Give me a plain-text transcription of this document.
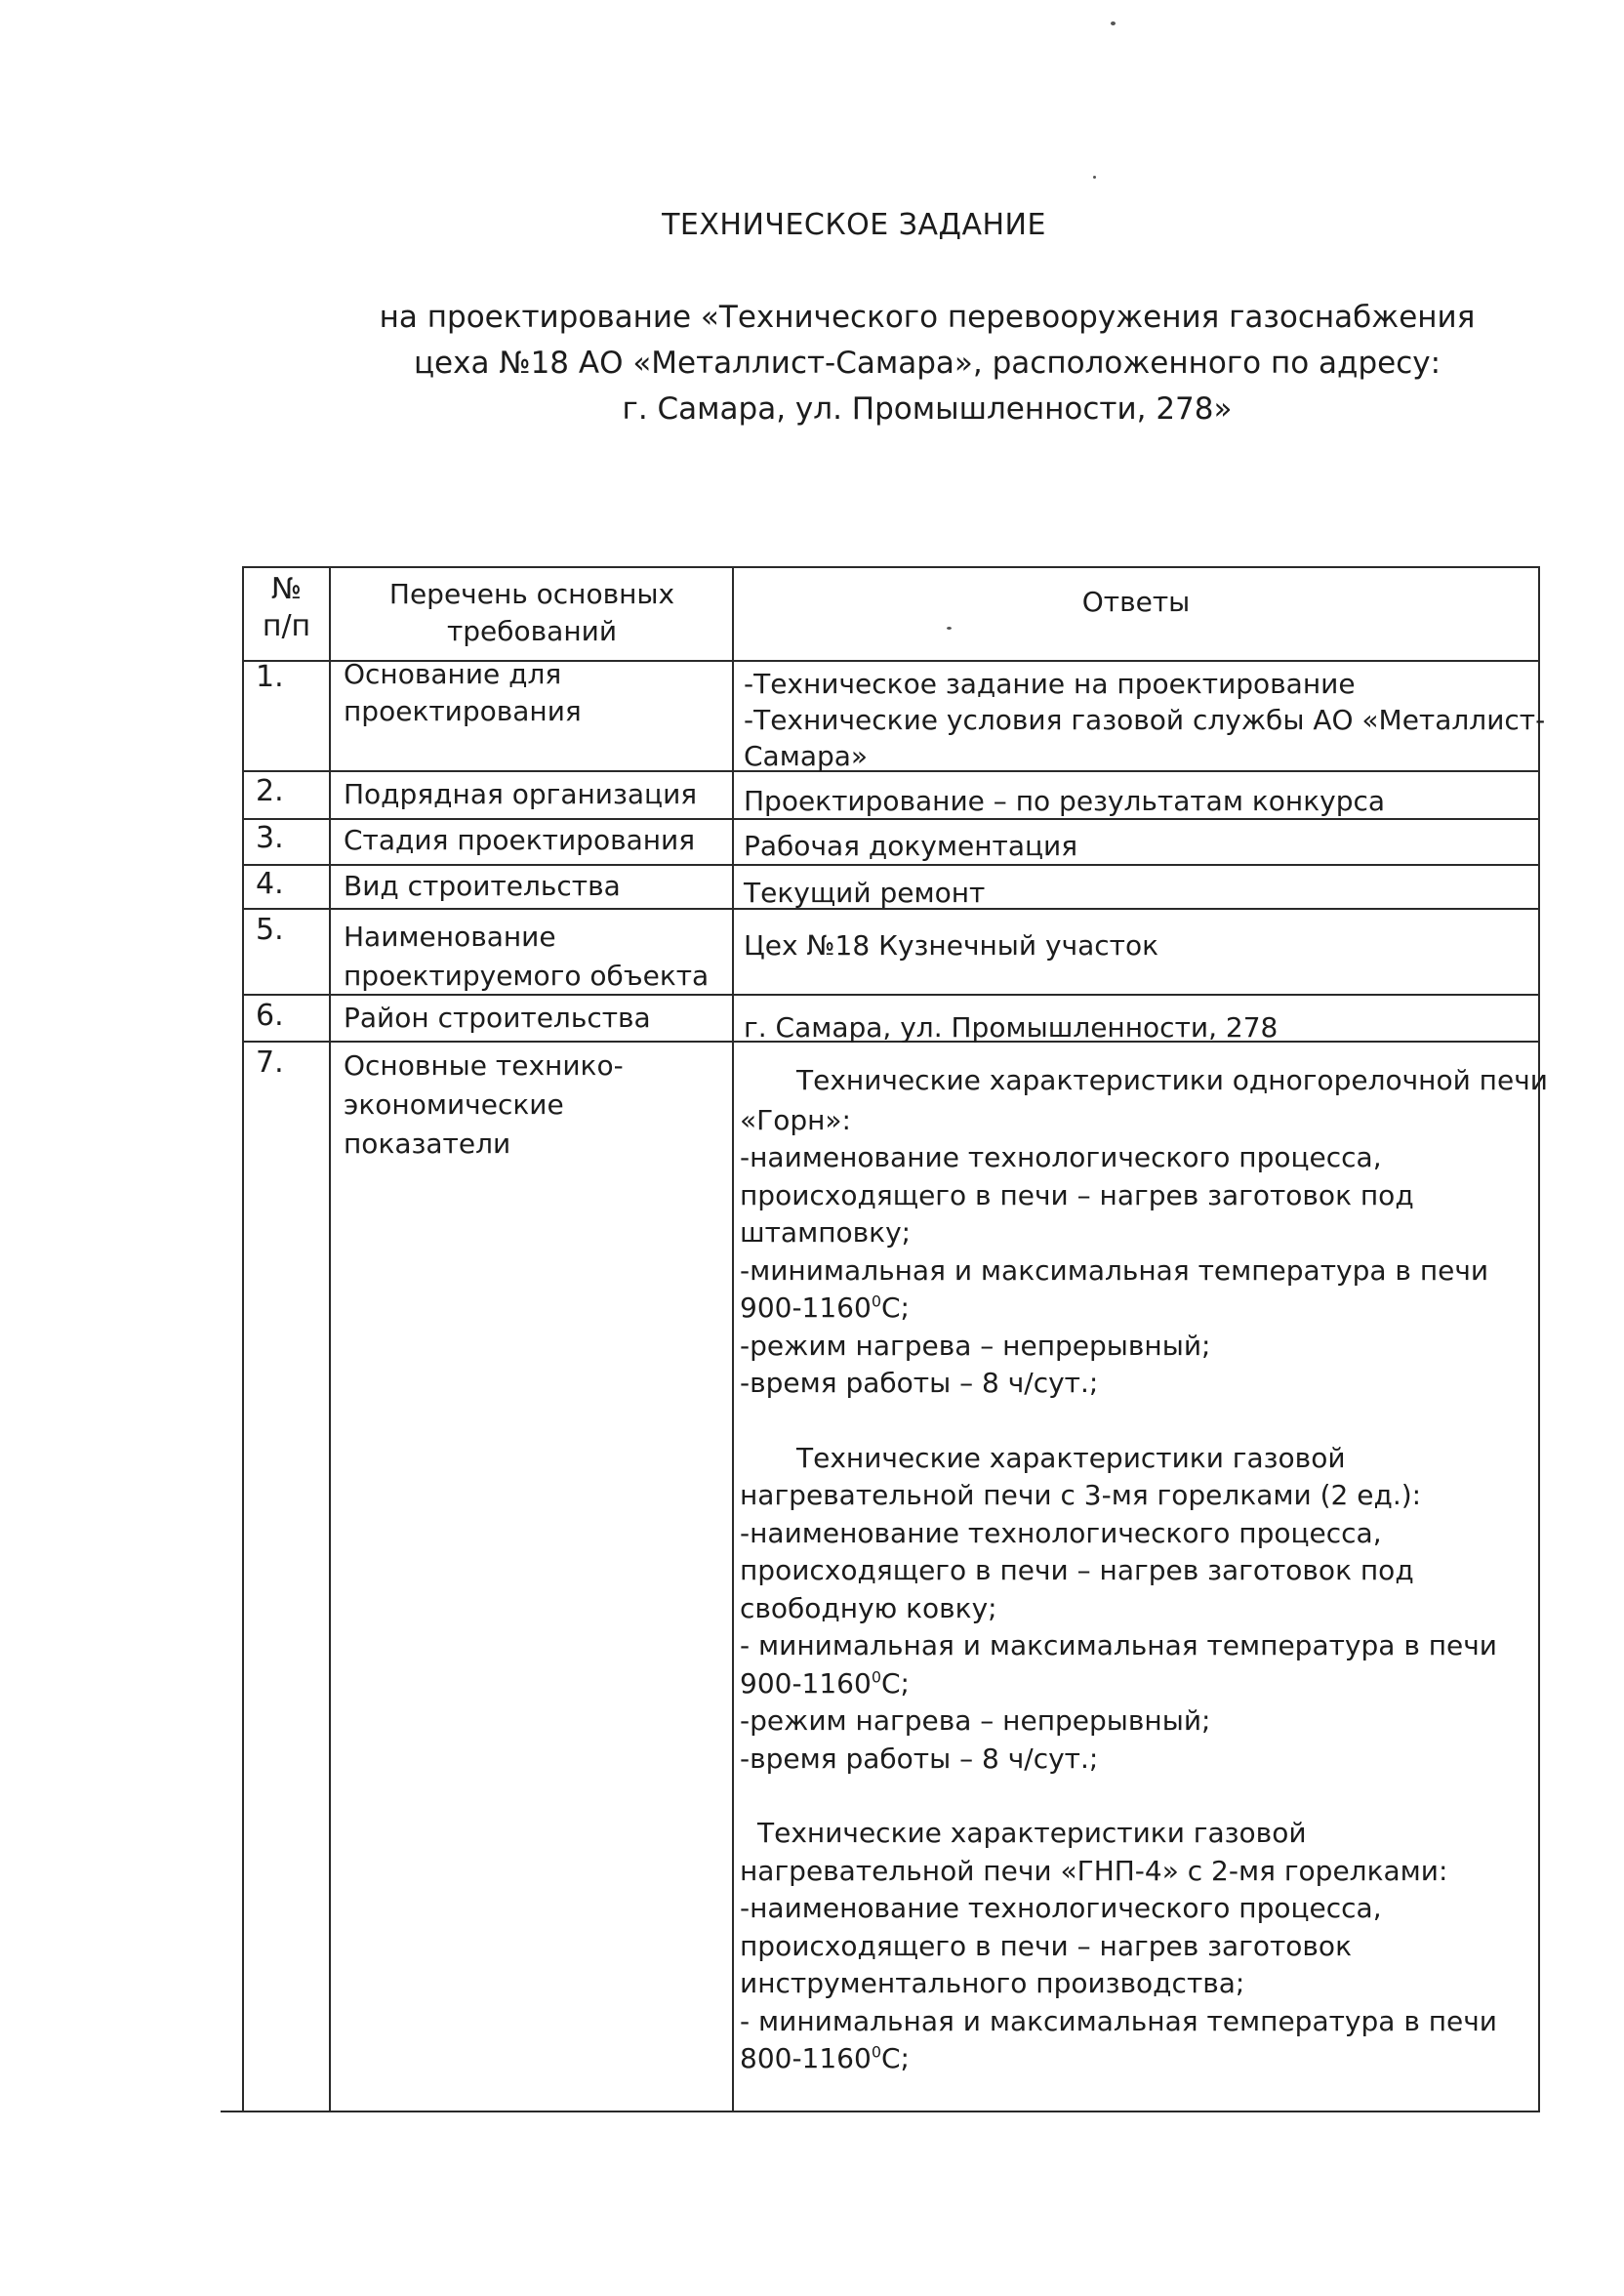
ТЕХНИЧЕСКОЕ ЗАДАНИЕ
на проектирование «Технического перевооружения газоснабжения
цеха №18 АО «Металлист-Самара», расположенного по адресу:
г. Самара, ул. Промышленности, 278»
№
п/п
Перечень основных
требований
Ответы
1. Основание для
проектирования
-Техническое задание на проектирование
-Технические условия газовой службы АО «Металлист-
Самара»
2. Подрядная организация Проектирование – по результатам конкурса
3. Стадия проектирования Рабочая документация
4. Вид строительства	Текущий ремонт
5. Наименование
проектируемого объекта
Цех №18 Кузнечный участок
6. Район строительства	г. Самара, ул. Промышленности, 278
7. Основные технико-
экономические
показатели
Технические характеристики одногорелочной печи
«Горн»:
-наименование технологического процесса,
происходящего в печи – нагрев заготовок под
штамповку;
-минимальная и максимальная температура в печи
900-1160$^0$С;
-режим нагрева – непрерывный;
-время работы – 8 ч/сут.;
Технические характеристики газовой
нагревательной печи с 3-мя горелками (2 ед.):
-наименование технологического процесса,
происходящего в печи – нагрев заготовок под
свободную ковку;
- минимальная и максимальная температура в печи
900-1160$^0$С;
-режим нагрева – непрерывный;
-время работы – 8 ч/сут.;
Технические характеристики газовой
нагревательной печи «ГНП-4» с 2-мя горелками:
-наименование технологического процесса,
происходящего в печи – нагрев заготовок
инструментального производства;
- минимальная и максимальная температура в печи
800-1160$^0$С;
